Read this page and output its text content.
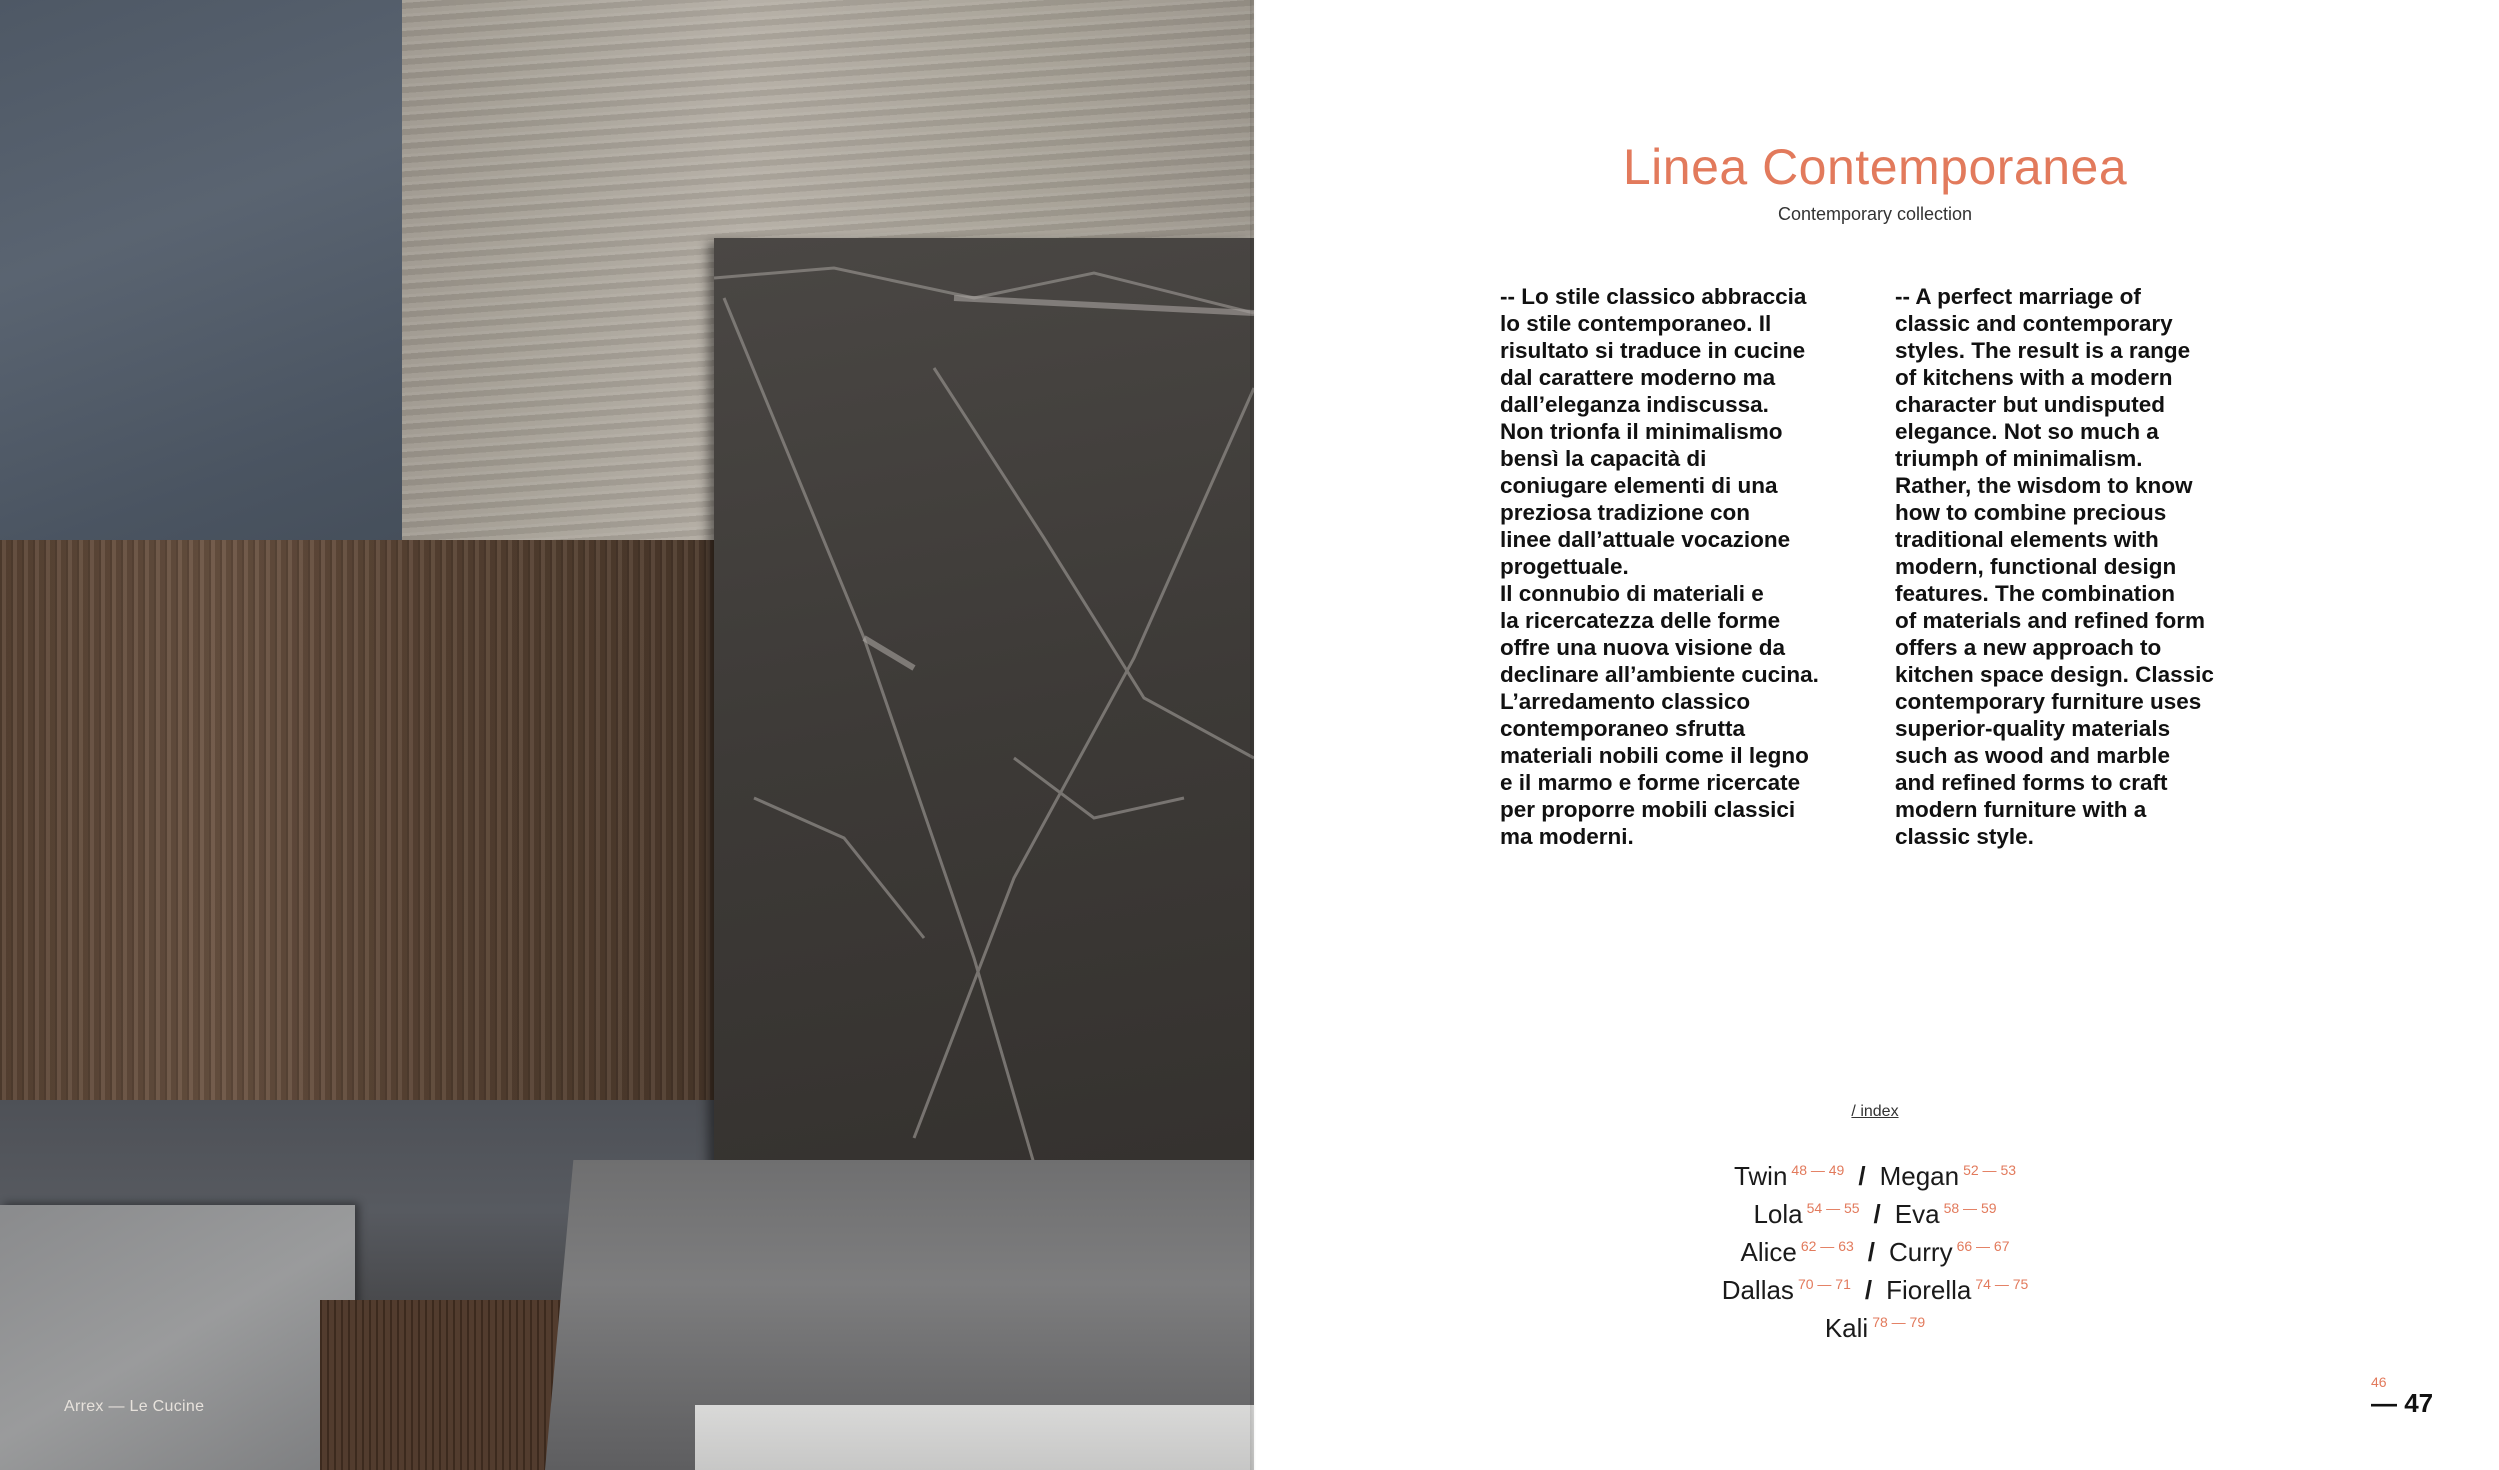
Arrex — Le Cucine
Linea Contemporanea
Contemporary collection

-- Lo stile classico abbraccia

lo stile contemporaneo. Il

risultato si traduce in cucine

dal carattere moderno ma

dall’eleganza indiscussa.

Non trionfa il minimalismo

bensì la capacità di

coniugare elementi di una

preziosa tradizione con

linee dall’attuale vocazione

progettuale.

Il connubio di materiali e

la ricercatezza delle forme

offre una nuova visione da

declinare all’ambiente cucina.

L’arredamento classico

contemporaneo sfrutta

materiali nobili come il legno

e il marmo e forme ricercate

per proporre mobili classici

ma moderni.

-- A perfect marriage of

classic and contemporary

styles. The result is a range

of kitchens with a modern

character but undisputed

elegance. Not so much a

triumph of minimalism.

Rather, the wisdom to know

how to combine precious

traditional elements with

modern, functional design

features. The combination

of materials and refined form

offers a new approach to

kitchen space design. Classic

contemporary furniture uses

superior-quality materials

such as wood and marble

and refined forms to craft

modern furniture with a

classic style.

/ index
Twin $^{48 — 49}$ / Megan $^{52 — 53}$
Lola $^{54 — 55}$ / Eva $^{58 — 59}$
Alice $^{62 — 63}$ / Curry $^{66 — 67}$
Dallas $^{70 — 71}$ / Fiorella $^{74 — 75}$
Kali $^{78 — 79}$
46
— 47
